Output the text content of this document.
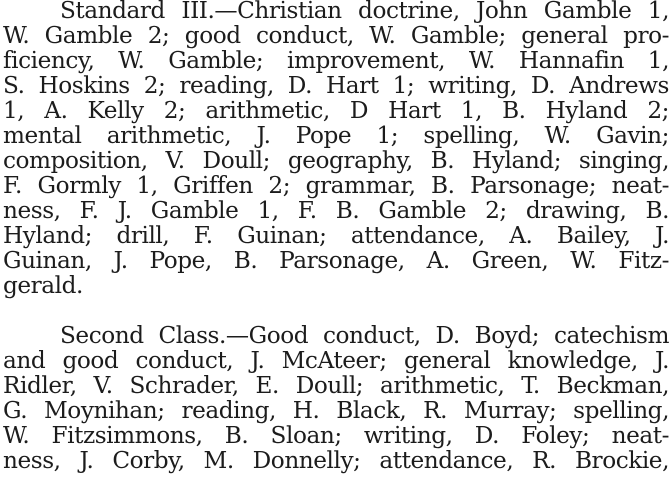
Standard III.—Christian doctrine, John Gamble 1,
W. Gamble 2; good conduct, W. Gamble; general pro-
ficiency, W. Gamble; improvement, W. Hannafin 1,
S. Hoskins 2; reading, D. Hart 1; writing, D. Andrews
1, A. Kelly 2; arithmetic, D Hart 1, B. Hyland 2;
mental arithmetic, J. Pope 1; spelling, W. Gavin;
composition, V. Doull; geography, B. Hyland; singing,
F. Gormly 1, Griffen 2; grammar, B. Parsonage; neat-
ness, F. J. Gamble 1, F. B. Gamble 2; drawing, B.
Hyland; drill, F. Guinan; attendance, A. Bailey, J.
Guinan, J. Pope, B. Parsonage, A. Green, W. Fitz-
gerald.
Second Class.—Good conduct, D. Boyd; catechism
and good conduct, J. McAteer; general knowledge, J.
Ridler, V. Schrader, E. Doull; arithmetic, T. Beckman,
G. Moynihan; reading, H. Black, R. Murray; spelling,
W. Fitzsimmons, B. Sloan; writing, D. Foley; neat-
ness, J. Corby, M. Donnelly; attendance, R. Brockie,
